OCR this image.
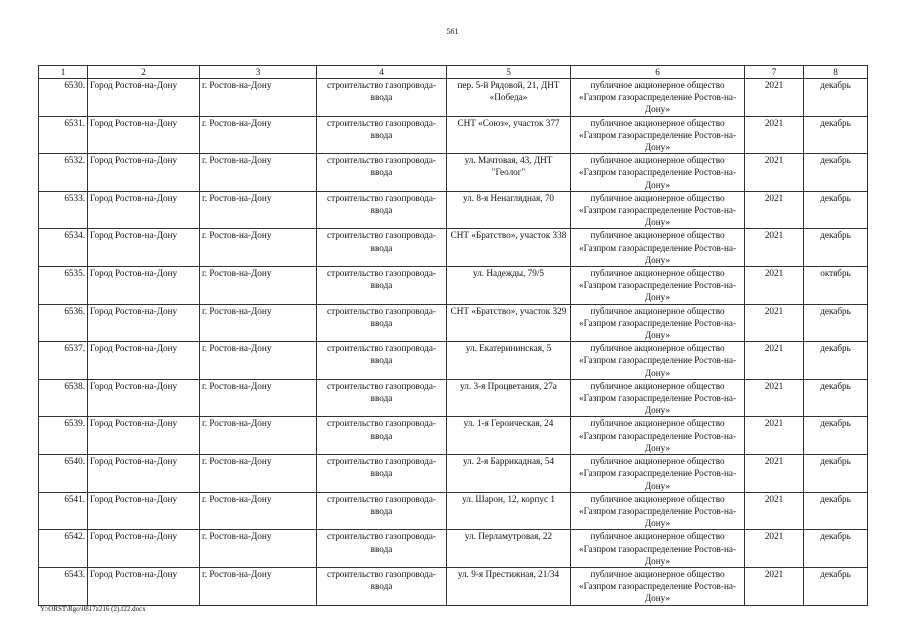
561
1	2	3	4	5	6	7	8
6530.	Город Ростов-на-Дону	г. Ростов-на-Дону	строительство газопровода-ввода	пер. 5-й Рядовой, 21, ДНТ «Победа»	публичное акционерное общество «Газпром газораспределение Ростов-на-Дону»	2021	декабрь
6531.	Город Ростов-на-Дону	г. Ростов-на-Дону	строительство газопровода-ввода	СНТ «Союз», участок 377	публичное акционерное общество «Газпром газораспределение Ростов-на-Дону»	2021	декабрь
6532.	Город Ростов-на-Дону	г. Ростов-на-Дону	строительство газопровода-ввода	ул. Мачтовая, 43, ДНТ "Геолог"	публичное акционерное общество «Газпром газораспределение Ростов-на-Дону»	2021	декабрь
6533.	Город Ростов-на-Дону	г. Ростов-на-Дону	строительство газопровода-ввода	ул. 8-я Ненаглядная, 70	публичное акционерное общество «Газпром газораспределение Ростов-на-Дону»	2021	декабрь
6534.	Город Ростов-на-Дону	г. Ростов-на-Дону	строительство газопровода-ввода	СНТ «Братство», участок 338	публичное акционерное общество «Газпром газораспределение Ростов-на-Дону»	2021	декабрь
6535.	Город Ростов-на-Дону	г. Ростов-на-Дону	строительство газопровода-ввода	ул. Надежды, 79/5	публичное акционерное общество «Газпром газораспределение Ростов-на-Дону»	2021	октябрь
6536.	Город Ростов-на-Дону	г. Ростов-на-Дону	строительство газопровода-ввода	СНТ «Братство», участок 329	публичное акционерное общество «Газпром газораспределение Ростов-на-Дону»	2021	декабрь
6537.	Город Ростов-на-Дону	г. Ростов-на-Дону	строительство газопровода-ввода	ул. Екатерининская, 5	публичное акционерное общество «Газпром газораспределение Ростов-на-Дону»	2021	декабрь
6538.	Город Ростов-на-Дону	г. Ростов-на-Дону	строительство газопровода-ввода	ул. 3-я Процветания, 27а	публичное акционерное общество «Газпром газораспределение Ростов-на-Дону»	2021	декабрь
6539.	Город Ростов-на-Дону	г. Ростов-на-Дону	строительство газопровода-ввода	ул. 1-я Героическая, 24	публичное акционерное общество «Газпром газораспределение Ростов-на-Дону»	2021	декабрь
6540.	Город Ростов-на-Дону	г. Ростов-на-Дону	строительство газопровода-ввода	ул. 2-я Баррикадная, 54	публичное акционерное общество «Газпром газораспределение Ростов-на-Дону»	2021	декабрь
6541.	Город Ростов-на-Дону	г. Ростов-на-Дону	строительство газопровода-ввода	ул. Шарон, 12, корпус 1	публичное акционерное общество «Газпром газораспределение Ростов-на-Дону»	2021	декабрь
6542.	Город Ростов-на-Дону	г. Ростов-на-Дону	строительство газопровода-ввода	ул. Перламутровая, 22	публичное акционерное общество «Газпром газораспределение Ростов-на-Дону»	2021	декабрь
6543.	Город Ростов-на-Дону	г. Ростов-на-Дону	строительство газопровода-ввода	ул. 9-я Престижная, 21/34	публичное акционерное общество «Газпром газораспределение Ростов-на-Дону»	2021	декабрь
Y:\ORST\Rgo\0817z216 (2).f22.docx
